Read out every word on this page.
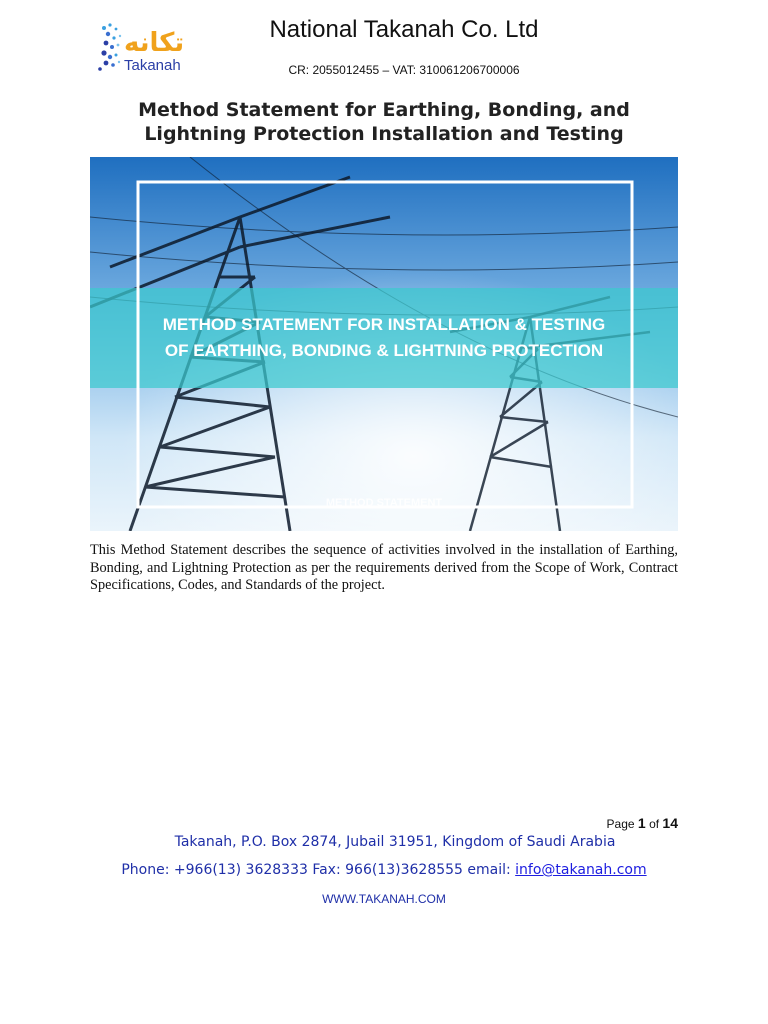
تكانه
Takanah
National Takanah Co. Ltd
CR: 2055012455 – VAT: 310061206700006
Method Statement for Earthing, Bonding, and
Lightning Protection Installation and Testing
METHOD STATEMENT FOR INSTALLATION & TESTING
OF EARTHING, BONDING & LIGHTNING PROTECTION
METHOD STATEMENT
This Method Statement describes the sequence of activities involved in the installation of Earthing, Bonding, and Lightning Protection as per the requirements derived from the Scope of Work, Contract Specifications, Codes, and Standards of the project.
Page 1 of 14
Takanah, P.O. Box 2874, Jubail 31951, Kingdom of Saudi Arabia
Phone: +966(13) 3628333 Fax: 966(13)3628555 email: info@takanah.com
WWW.TAKANAH.COM
